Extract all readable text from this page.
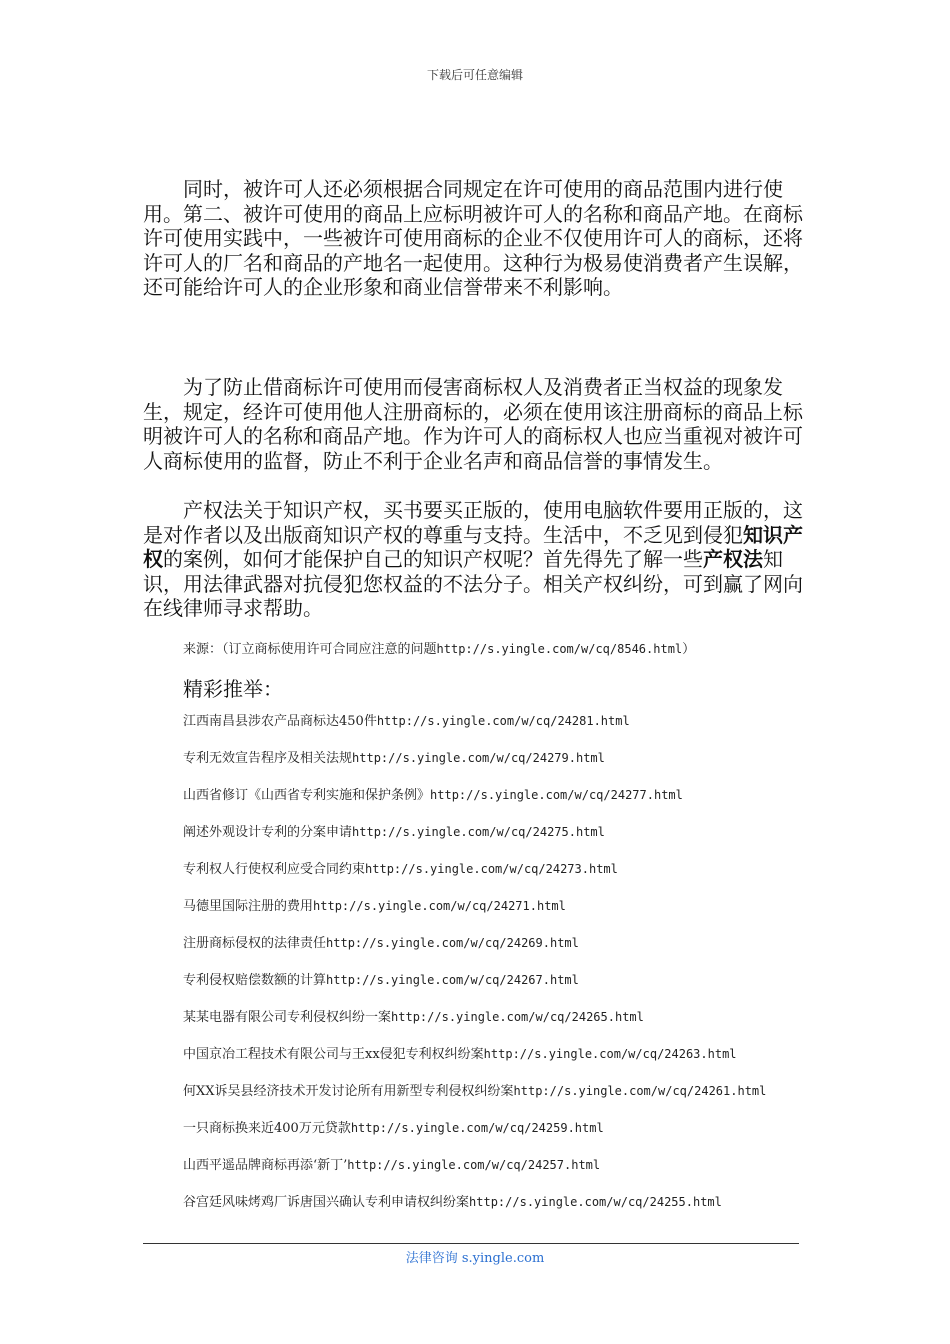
下载后可任意编辑

同时，被许可人还必须根据合同规定在许可使用的商品范围内进行使用。第二、被许可使用的商品上应标明被许可人的名称和商品产地。在商标许可使用实践中，一些被许可使用商标的企业不仅使用许可人的商标，还将许可人的厂名和商品的产地名一起使用。这种行为极易使消费者产生误解，还可能给许可人的企业形象和商业信誉带来不利影响。

为了防止借商标许可使用而侵害商标权人及消费者正当权益的现象发生，规定，经许可使用他人注册商标的，必须在使用该注册商标的商品上标明被许可人的名称和商品产地。作为许可人的商标权人也应当重视对被许可人商标使用的监督，防止不利于企业名声和商品信誉的事情发生。

产权法关于知识产权，买书要买正版的，使用电脑软件要用正版的，这是对作者以及出版商知识产权的尊重与支持。生活中，不乏见到侵犯知识产权的案例，如何才能保护自己的知识产权呢？首先得先了解一些产权法知识，用法律武器对抗侵犯您权益的不法分子。相关产权纠纷，可到赢了网向在线律师寻求帮助。

来源：（订立商标使用许可合同应注意的问题http://s.yingle.com/w/cq/8546.html）
精彩推举：
江西南昌县涉农产品商标达450件http://s.yingle.com/w/cq/24281.html
专利无效宣告程序及相关法规http://s.yingle.com/w/cq/24279.html
山西省修订《山西省专利实施和保护条例》http://s.yingle.com/w/cq/24277.html
阐述外观设计专利的分案申请http://s.yingle.com/w/cq/24275.html
专利权人行使权利应受合同约束http://s.yingle.com/w/cq/24273.html
马德里国际注册的费用http://s.yingle.com/w/cq/24271.html
注册商标侵权的法律责任http://s.yingle.com/w/cq/24269.html
专利侵权赔偿数额的计算http://s.yingle.com/w/cq/24267.html
某某电器有限公司专利侵权纠纷一案http://s.yingle.com/w/cq/24265.html
中国京冶工程技术有限公司与王xx侵犯专利权纠纷案http://s.yingle.com/w/cq/24263.html
何XX诉吴县经济技术开发讨论所有用新型专利侵权纠纷案http://s.yingle.com/w/cq/24261.html
一只商标换来近400万元贷款http://s.yingle.com/w/cq/24259.html
山西平遥品牌商标再添‘新丁’http://s.yingle.com/w/cq/24257.html
谷宫廷风味烤鸡厂诉唐国兴确认专利申请权纠纷案http://s.yingle.com/w/cq/24255.html
法律咨询 s.yingle.com
